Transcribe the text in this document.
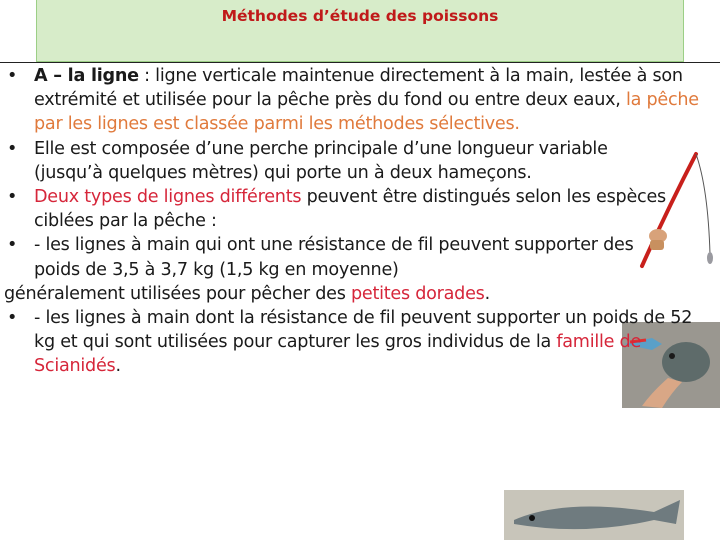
Méthodes d’étude des poissons
• A – la ligne : ligne verticale maintenue directement à la main, lestée à son extrémité et utilisée pour la pêche près du fond ou entre deux eaux, la pêche par les lignes est classée parmi les méthodes sélectives.
• Elle est composée d’une perche principale d’une longueur variable (jusqu’à quelques mètres) qui porte un à deux hameçons.
• Deux types de lignes différents peuvent être distingués selon les espèces ciblées par la pêche :
• - les lignes à main qui ont une résistance de fil peuvent supporter des poids de 3,5 à 3,7 kg (1,5 kg en moyenne)
généralement utilisées pour pêcher des petites dorades.
• - les lignes à main dont la résistance de fil peuvent supporter un poids de 52 kg et qui sont utilisées pour capturer les gros individus de la famille de Scianidés.
